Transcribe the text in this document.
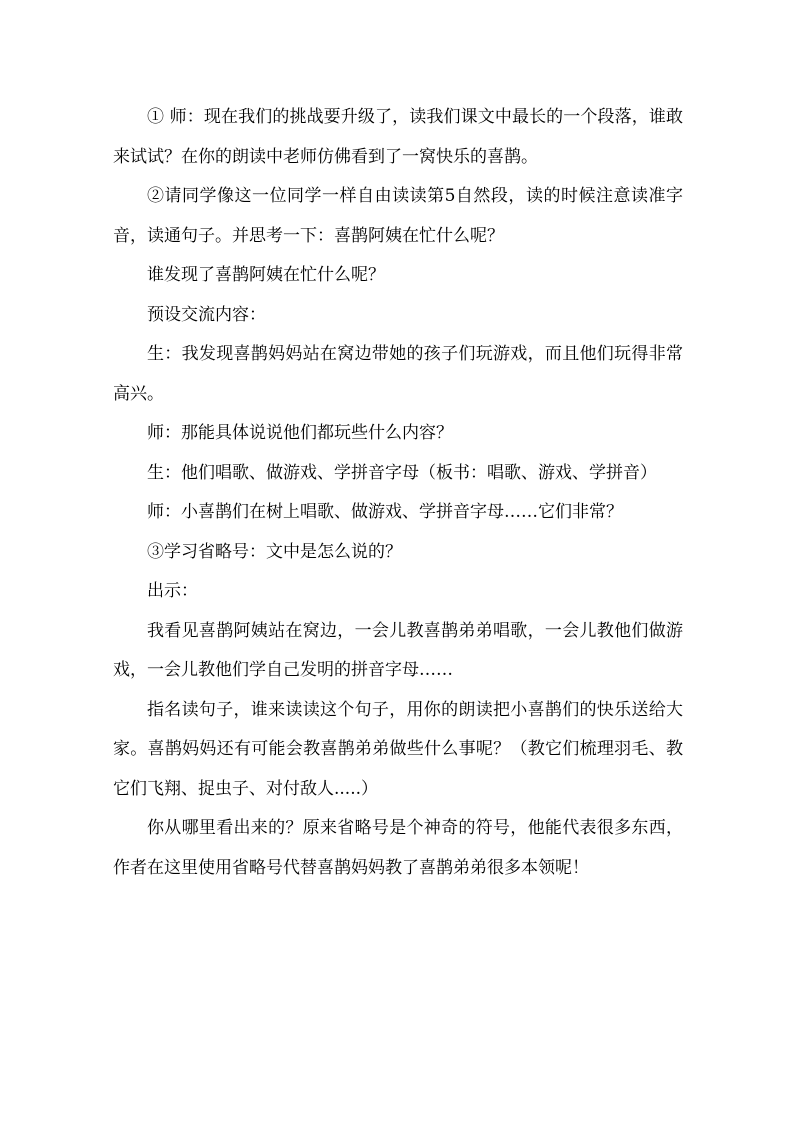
① 师：现在我们的挑战要升级了，读我们课文中最长的一个段落，谁敢来试试？在你的朗读中老师仿佛看到了一窝快乐的喜鹊。

②请同学像这一位同学一样自由读读第5自然段，读的时候注意读准字音，读通句子。并思考一下：喜鹊阿姨在忙什么呢？

谁发现了喜鹊阿姨在忙什么呢？

预设交流内容：

生：我发现喜鹊妈妈站在窝边带她的孩子们玩游戏，而且他们玩得非常高兴。

师：那能具体说说他们都玩些什么内容？

生：他们唱歌、做游戏、学拼音字母（板书：唱歌、游戏、学拼音）

师：小喜鹊们在树上唱歌、做游戏、学拼音字母……它们非常？

③学习省略号：文中是怎么说的？

出示：

我看见喜鹊阿姨站在窝边，一会儿教喜鹊弟弟唱歌，一会儿教他们做游戏，一会儿教他们学自己发明的拼音字母……

指名读句子，谁来读读这个句子，用你的朗读把小喜鹊们的快乐送给大家。喜鹊妈妈还有可能会教喜鹊弟弟做些什么事呢？（教它们梳理羽毛、教它们飞翔、捉虫子、对付敌人.....）

你从哪里看出来的？原来省略号是个神奇的符号，他能代表很多东西，作者在这里使用省略号代替喜鹊妈妈教了喜鹊弟弟很多本领呢！
